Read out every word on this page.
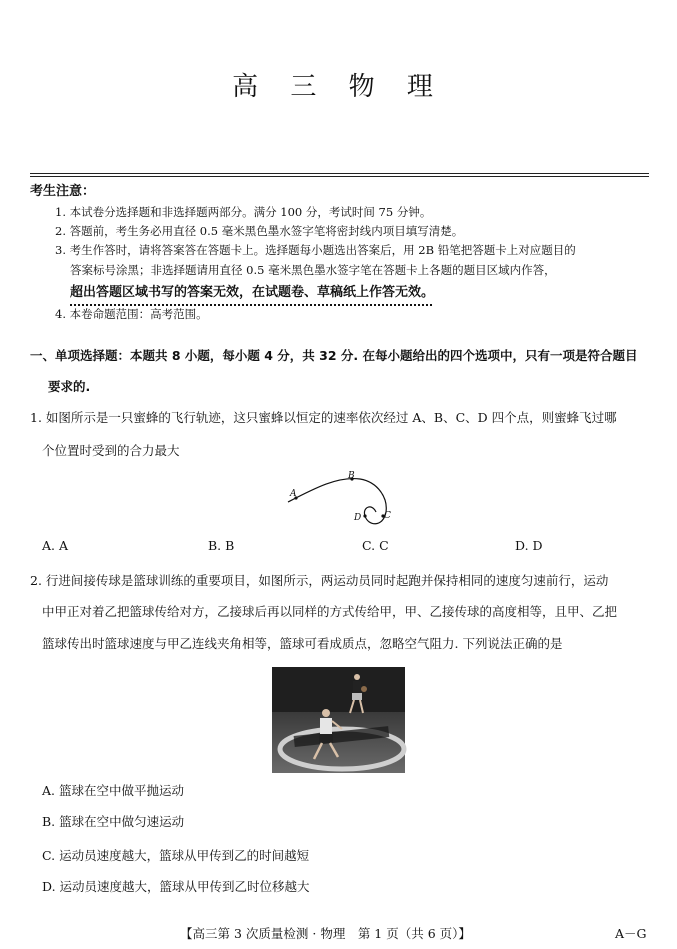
高 三 物 理
考生注意：
1. 本试卷分选择题和非选择题两部分。满分 100 分，考试时间 75 分钟。
2. 答题前，考生务必用直径 0.5 毫米黑色墨水签字笔将密封线内项目填写清楚。
3. 考生作答时，请将答案答在答题卡上。选择题每小题选出答案后，用 2B 铅笔把答题卡上对应题目的
答案标号涂黑；非选择题请用直径 0.5 毫米黑色墨水签字笔在答题卡上各题的题目区域内作答，
超出答题区域书写的答案无效，在试题卷、草稿纸上作答无效。
4. 本卷命题范围：高考范围。
一、单项选择题：本题共 8 小题，每小题 4 分，共 32 分. 在每小题给出的四个选项中，只有一项是符合题目
要求的.
1. 如图所示是一只蜜蜂的飞行轨迹，这只蜜蜂以恒定的速率依次经过 A、B、C、D 四个点，则蜜蜂飞过哪
个位置时受到的合力最大
A
B
C
D
A. A	B. B	C. C	D. D
2. 行进间接传球是篮球训练的重要项目，如图所示，两运动员同时起跑并保持相同的速度匀速前行，运动
中甲正对着乙把篮球传给对方，乙接球后再以同样的方式传给甲，甲、乙接传球的高度相等，且甲、乙把
篮球传出时篮球速度与甲乙连线夹角相等，篮球可看成质点，忽略空气阻力. 下列说法正确的是
A. 篮球在空中做平抛运动
B. 篮球在空中做匀速运动
C. 运动员速度越大，篮球从甲传到乙的时间越短
D. 运动员速度越大，篮球从甲传到乙时位移越大
【高三第 3 次质量检测 · 物理　第 1 页（共 6 页）】	A－G
